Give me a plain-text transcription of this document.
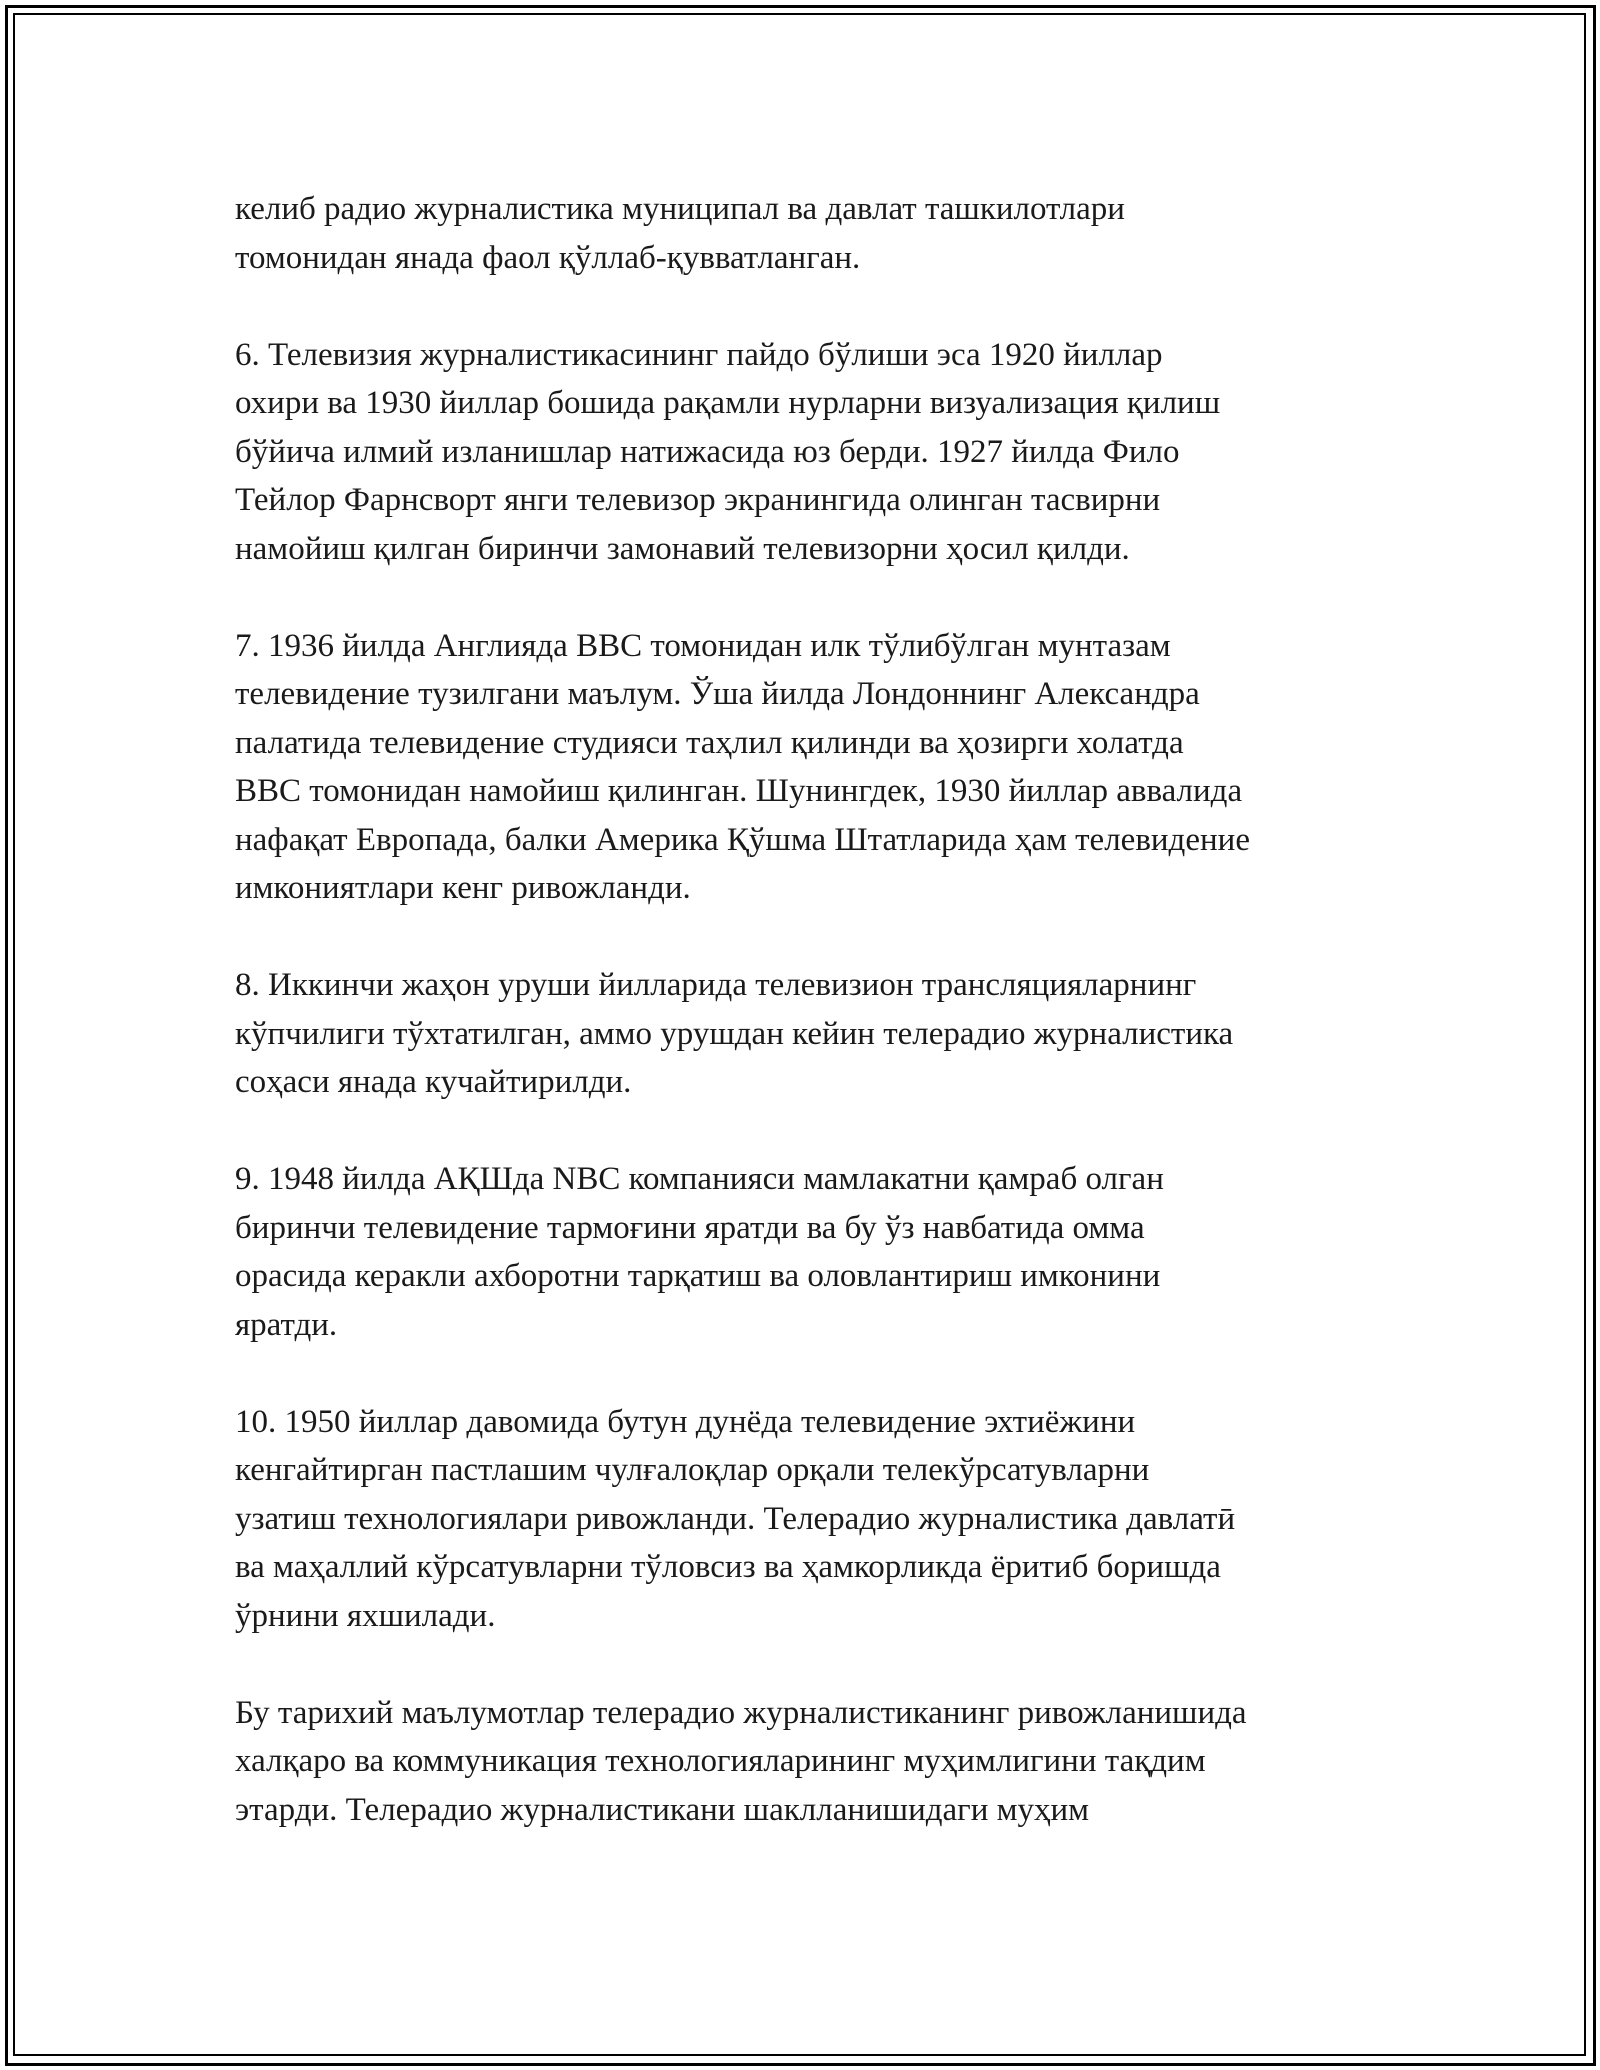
келиб радио журналистика муниципал ва давлат ташкилотлари
томонидан янада фаол қўллаб-қувватланган.
6. Телевизия журналистикасининг пайдо бўлиши эса 1920 йиллар
охири ва 1930 йиллар бошида рақамли нурларни визуализация қилиш
бўйича илмий изланишлар натижасида юз берди. 1927 йилда Фило
Тейлор Фарнсворт янги телевизор экранингида олинган тасвирни
намойиш қилган биринчи замонавий телевизорни ҳосил қилди.
7. 1936 йилда Англияда BBC томонидан илк тўлибўлган мунтазам
телевидение тузилгани маълум. Ўша йилда Лондоннинг Александра
палатида телевидение студияси таҳлил қилинди ва ҳозирги холатда
BBC томонидан намойиш қилинган. Шунингдек, 1930 йиллар аввалида
нафақат Европада, балки Америка Қўшма Штатларида ҳам телевидение
имкониятлари кенг ривожланди.
8. Иккинчи жаҳон уруши йилларида телевизион трансляцияларнинг
кўпчилиги тўхтатилган, аммо урушдан кейин телерадио журналистика
соҳаси янада кучайтирилди.
9. 1948 йилда АҚШда NBC компанияси мамлакатни қамраб олган
биринчи телевидение тармоғини яратди ва бу ўз навбатида омма
орасида керакли ахборотни тарқатиш ва оловлантириш имконини
яратди.
10. 1950 йиллар давомида бутун дунёда телевидение эхтиёжини
кенгайтирган пастлашим чулғалоқлар орқали телекўрсатувларни
узатиш технологиялари ривожланди. Телерадио журналистика давлатӣ
ва маҳаллий кўрсатувларни тўловсиз ва ҳамкорликда ёритиб боришда
ўрнини яхшилади.
Бу тарихий маълумотлар телерадио журналистиканинг ривожланишида
халқаро ва коммуникация технологияларининг муҳимлигини тақдим
этарди. Телерадио журналистикани шаклланишидаги муҳим
